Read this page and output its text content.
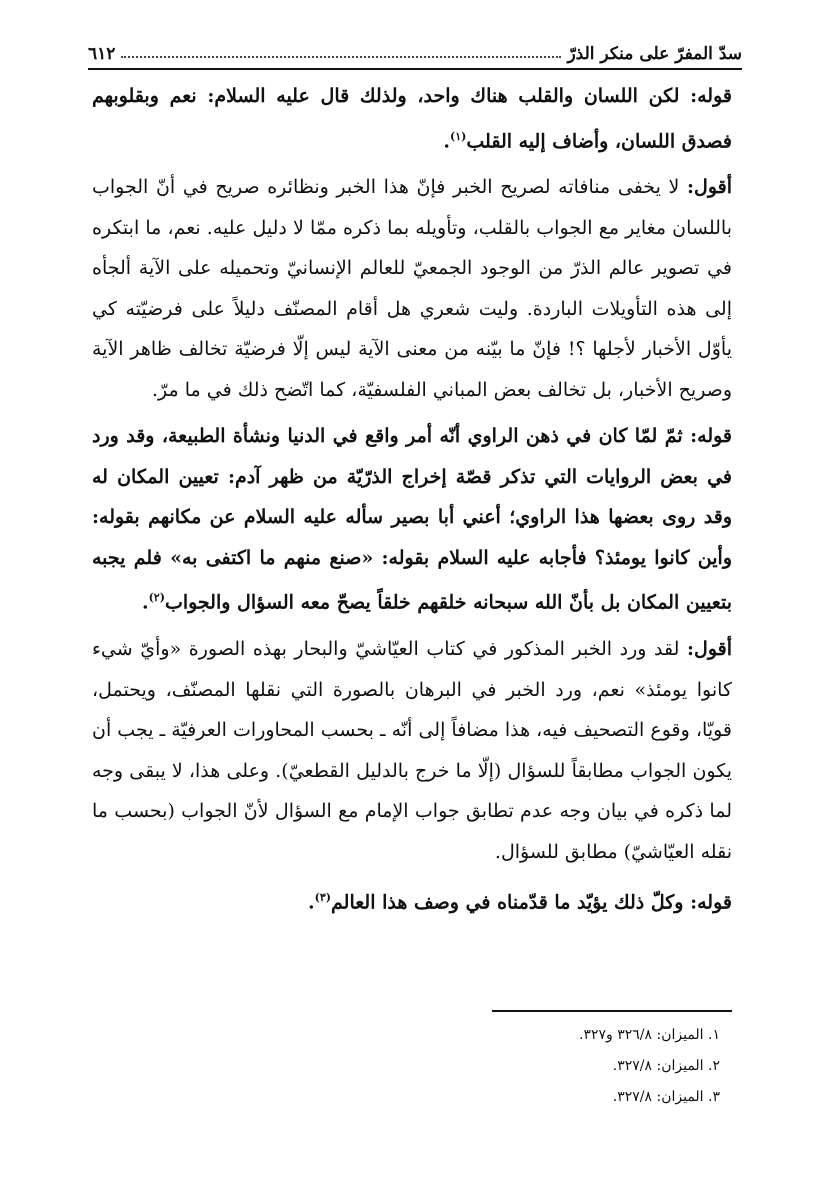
سدّ المفرّ على منكر الذرّ
٦١٢

قوله: لكن اللسان والقلب هناك واحد، ولذلك قال عليه السلام: نعم وبقلوبهم فصدق اللسان، وأضاف إليه القلب$^{(١)}$.

أقول: لا يخفى منافاته لصريح الخبر فإنّ هذا الخبر ونظائره صريح في أنّ الجواب باللسان مغاير مع الجواب بالقلب، وتأويله بما ذكره ممّا لا دليل عليه. نعم، ما ابتكره في تصوير عالم الذرّ من الوجود الجمعيّ للعالم الإنسانيّ وتحميله على الآية ألجأه إلى هذه التأويلات الباردة. وليت شعري هل أقام المصنّف دليلاً على فرضيّته كي يأوّل الأخبار لأجلها ؟! فإنّ ما بيّنه من معنى الآية ليس إلّا فرضيّة تخالف ظاهر الآية وصريح الأخبار، بل تخالف بعض المباني الفلسفيّة، كما اتّضح ذلك في ما مرّ.

قوله: ثمّ لمّا كان في ذهن الراوي أنّه أمر واقع في الدنيا ونشأة الطبيعة، وقد ورد في بعض الروايات التي تذكر قصّة إخراج الذرّيّة من ظهر آدم: تعيين المكان له وقد روى بعضها هذا الراوي؛ أعني أبا بصير سأله عليه السلام عن مكانهم بقوله: وأين كانوا يومئذ؟ فأجابه عليه السلام بقوله: «صنع منهم ما اكتفى به» فلم يجبه بتعيين المكان بل بأنّ الله سبحانه خلقهم خلقاً يصحّ معه السؤال والجواب$^{(٢)}$.

أقول: لقد ورد الخبر المذكور في كتاب العيّاشيّ والبحار بهذه الصورة «وأيّ شيء كانوا يومئذ» نعم، ورد الخبر في البرهان بالصورة التي نقلها المصنّف، ويحتمل، قويّا، وقوع التصحيف فيه، هذا مضافاً إلى أنّه ـ بحسب المحاورات العرفيّة ـ يجب أن يكون الجواب مطابقاً للسؤال (إلّا ما خرج بالدليل القطعيّ). وعلى هذا، لا يبقى وجه لما ذكره في بيان وجه عدم تطابق جواب الإمام مع السؤال لأنّ الجواب (بحسب ما نقله العيّاشيّ) مطابق للسؤال.

قوله: وكلّ ذلك يؤيّد ما قدّمناه في وصف هذا العالم$^{(٣)}$.

١. الميزان: ٣٢٦/٨ و٣٢٧.
٢. الميزان: ٣٢٧/٨.
٣. الميزان: ٣٢٧/٨.
